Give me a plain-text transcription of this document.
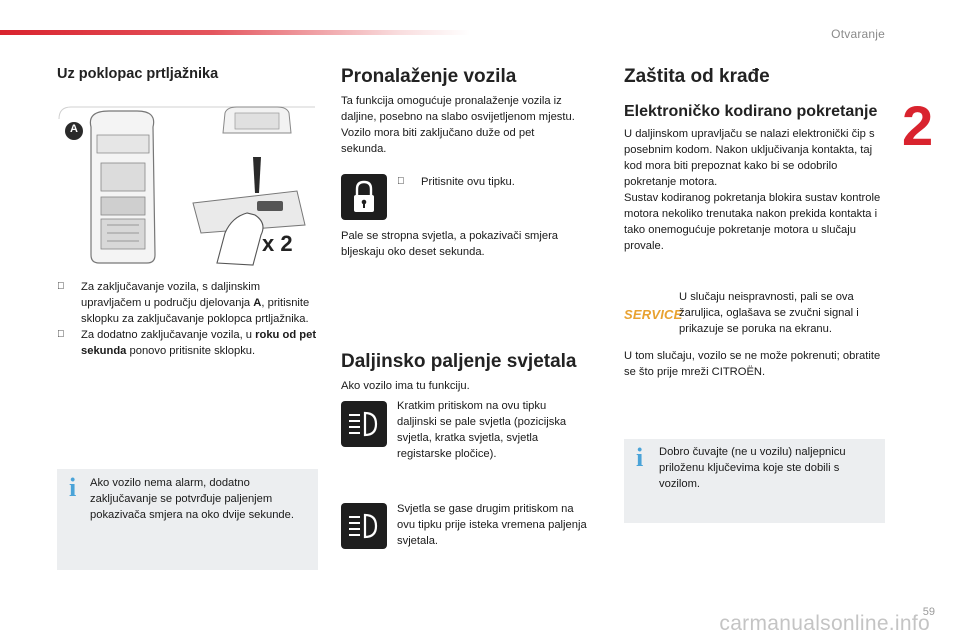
Otvaranje
2
Uz poklopac prtljažnika
A
x 2
Za zaključavanje vozila, s daljinskim upravljačem u području djelovanja A, pritisnite sklopku za zaključavanje poklopca prtljažnika.
Za dodatno zaključavanje vozila, u roku od pet sekunda ponovo pritisnite sklopku.
i Ako vozilo nema alarm, dodatno zaključavanje se potvrđuje paljenjem pokazivača smjera na oko dvije sekunde.

Pronalaženje vozila

Ta funkcija omogućuje pronalaženje vozila iz daljine, posebno na slabo osvijetljenom mjestu. Vozilo mora biti zaključano duže od pet sekunda.

Pritisnite ovu tipku.

Pale se stropna svjetla, a pokazivači smjera bljeskaju oko deset sekunda.

Daljinsko paljenje svjetala

Ako vozilo ima tu funkciju.

Kratkim pritiskom na ovu tipku daljinski se pale svjetla (pozicijska svjetla, kratka svjetla, svjetla registarske pločice).

Svjetla se gase drugim pritiskom na ovu tipku prije isteka vremena paljenja svjetala.

Zaštita od krađe
Elektroničko kodirano pokretanje

U daljinskom upravljaču se nalazi elektronički čip s posebnim kodom. Nakon uključivanja kontakta, taj kod mora biti prepoznat kako bi se odobrilo pokretanje motora.

Sustav kodiranog pokretanja blokira sustav kontrole motora nekoliko trenutaka nakon prekida kontakta i tako onemogućuje pokretanje motora u slučaju provale.

SERVICE

U slučaju neispravnosti, pali se ova žaruljica, oglašava se zvučni signal i prikazuje se poruka na ekranu.

U tom slučaju, vozilo se ne može pokrenuti; obratite se što prije mreži CITROËN.

i Dobro čuvajte (ne u vozilu) naljepnicu priloženu ključevima koje ste dobili s vozilom.

59
carmanualsonline.info
